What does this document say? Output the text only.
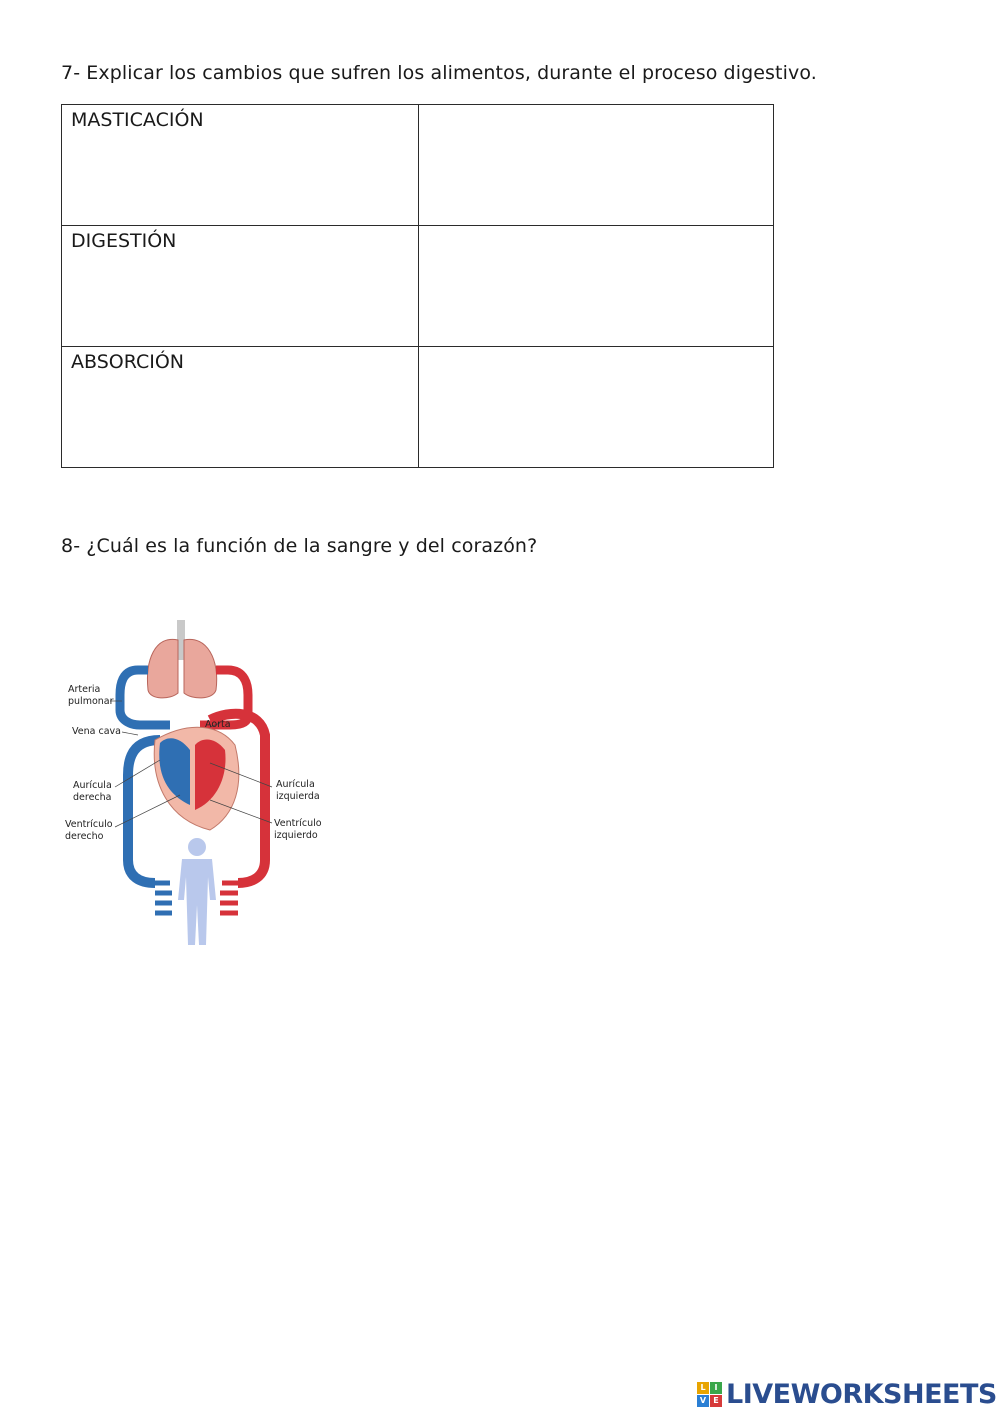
7- Explicar los cambios que sufren los alimentos, durante el proceso digestivo.
MASTICACIÓN	
DIGESTIÓN	
ABSORCIÓN	
8- ¿Cuál es la función de la sangre y del corazón?
Arteria
pulmonar
Vena cava
Aorta
Aurícula
derecha
Aurícula
izquierda
Ventrículo
derecho
Ventrículo
izquierdo
L	I
V E LIVEWORKSHEETS
